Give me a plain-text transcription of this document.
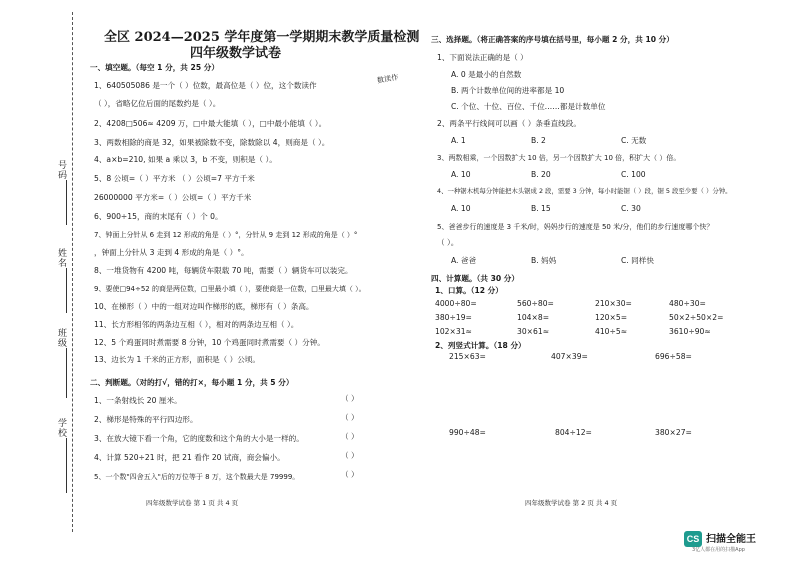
号码
姓名
班级
学校
全区 2024—2025 学年度第一学期期末教学质量检测
四年级数学试卷
一、填空题。（每空 1 分，共 25 分）
1、640505086 是一个（ ）位数，最高位是（ ）位，这个数读作
数读作
（ ），省略亿位后面的尾数约是（ ）。
2、4208□506≈ 4209 万，□中最大能填（ ），□中最小能填（ ）。
3、两数相除的商是 32，如果被除数不变，除数除以 4，则商是（ ）。
4、a×b=210, 如果 a 乘以 3，b 不变，则积是（ ）。
5、8 公顷=（ ）平方米 （ ）公顷=7 平方千米
26000000 平方米=（ ）公顷=（ ）平方千米
6、900÷15，商的末尾有（ ）个 0。
7、钟面上分针从 6 走到 12 形成的角是（ ）°，分针从 9 走到 12 形成的角是（ ）°
，钟面上分针从 3 走到 4 形成的角是（ ）°。
8、一堆货物有 4200 吨，每辆货车限载 70 吨，需要（ ）辆货车可以装完。
9、要使□94÷52 的商是两位数，□里最小填（ ），要使商是一位数，□里最大填（ ）。
10、在梯形（ ）中的一组对边叫作梯形的底，梯形有（ ）条高。
11、长方形相邻的两条边互相（ ），相对的两条边互相（ ）。
12、5 个鸡蛋同时煮需要 8 分钟，10 个鸡蛋同时煮需要（ ）分钟。
13、边长为 1 千米的正方形，面积是（ ）公顷。
二、判断题。（对的打√，错的打×，每小题 1 分，共 5 分）
1、一条射线长 20 厘米。	（ ）
2、梯形是特殊的平行四边形。	（ ）
3、在放大镜下看一个角，它的度数和这个角的大小是一样的。	（ ）
4、计算 520÷21 时，把 21 看作 20 试商，商会偏小。	（ ）
5、一个数"四舍五入"后的万位等于 8 万，这个数最大是 79999。	（ ）
四年级数学试卷 第 1 页 共 4 页
三、选择题。（将正确答案的序号填在括号里，每小题 2 分，共 10 分）
1、下面说法正确的是（ ）
A. 0 是最小的自然数
B. 两个计数单位间的进率都是 10
C. 个位、十位、百位、千位……都是计数单位
2、两条平行线间可以画（ ）条垂直线段。
A. 1	B. 2	C. 无数
3、两数相乘，一个因数扩大 10 倍，另一个因数扩大 10 倍，积扩大（ ）倍。
A. 10	B. 20	C. 100
4、一种锯木机每分钟能把木头锯成 2 段，需要 3 分钟，每小时能锯（ ）段，锯 5 段至少要（ ）分钟。
A. 10	B. 15	C. 30
5、爸爸步行的速度是 3 千米/时，妈妈步行的速度是 50 米/分，他们的步行速度哪个快？
（ ）。
A. 爸爸	B. 妈妈	C. 同样快
四、计算题。（共 30 分）
1、口算。（12 分）
4000÷80=	560÷80=	210×30=	480÷30=
380÷19=	104×8=	120×5=	50×2÷50×2=
102×31≈	30×61≈	410÷5≈	3610÷90≈
2、列竖式计算。（18 分）
215×63=	407×39=	696÷58=
990÷48=	804÷12=	380×27=
四年级数学试卷 第 2 页 共 4 页
CS 扫描全能王
3亿人都在用的扫描App
